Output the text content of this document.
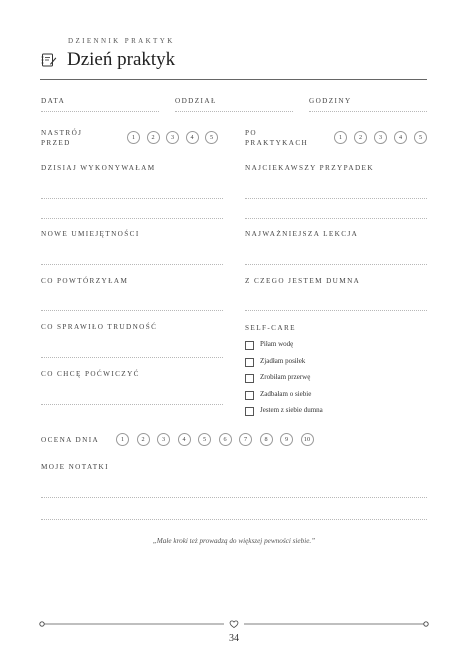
DZIENNIK PRAKTYK
Dzień praktyk
DATA	ODDZIAŁ	GODZINY
NASTRÓJ
PRZED
1	2	3	4	5
PO
PRAKTYKACH
1	2	3	4	5
DZISIAJ WYKONYWAŁAM
NOWE UMIEJĘTNOŚCI
CO POWTÓRZYŁAM
CO SPRAWIŁO TRUDNOŚĆ
CO CHCĘ POĆWICZYĆ
NAJCIEKAWSZY PRZYPADEK
NAJWAŻNIEJSZA LEKCJA
Z CZEGO JESTEM DUMNA
SELF-CARE
Piłam wodę
Zjadłam posiłek
Zrobiłam przerwę
Zadbałam o siebie
Jestem z siebie dumna
OCENA DNIA	1	2	3	4	5	6	7	8	9	10
MOJE NOTATKI
„Małe kroki też prowadzą do większej pewności siebie.”
34
